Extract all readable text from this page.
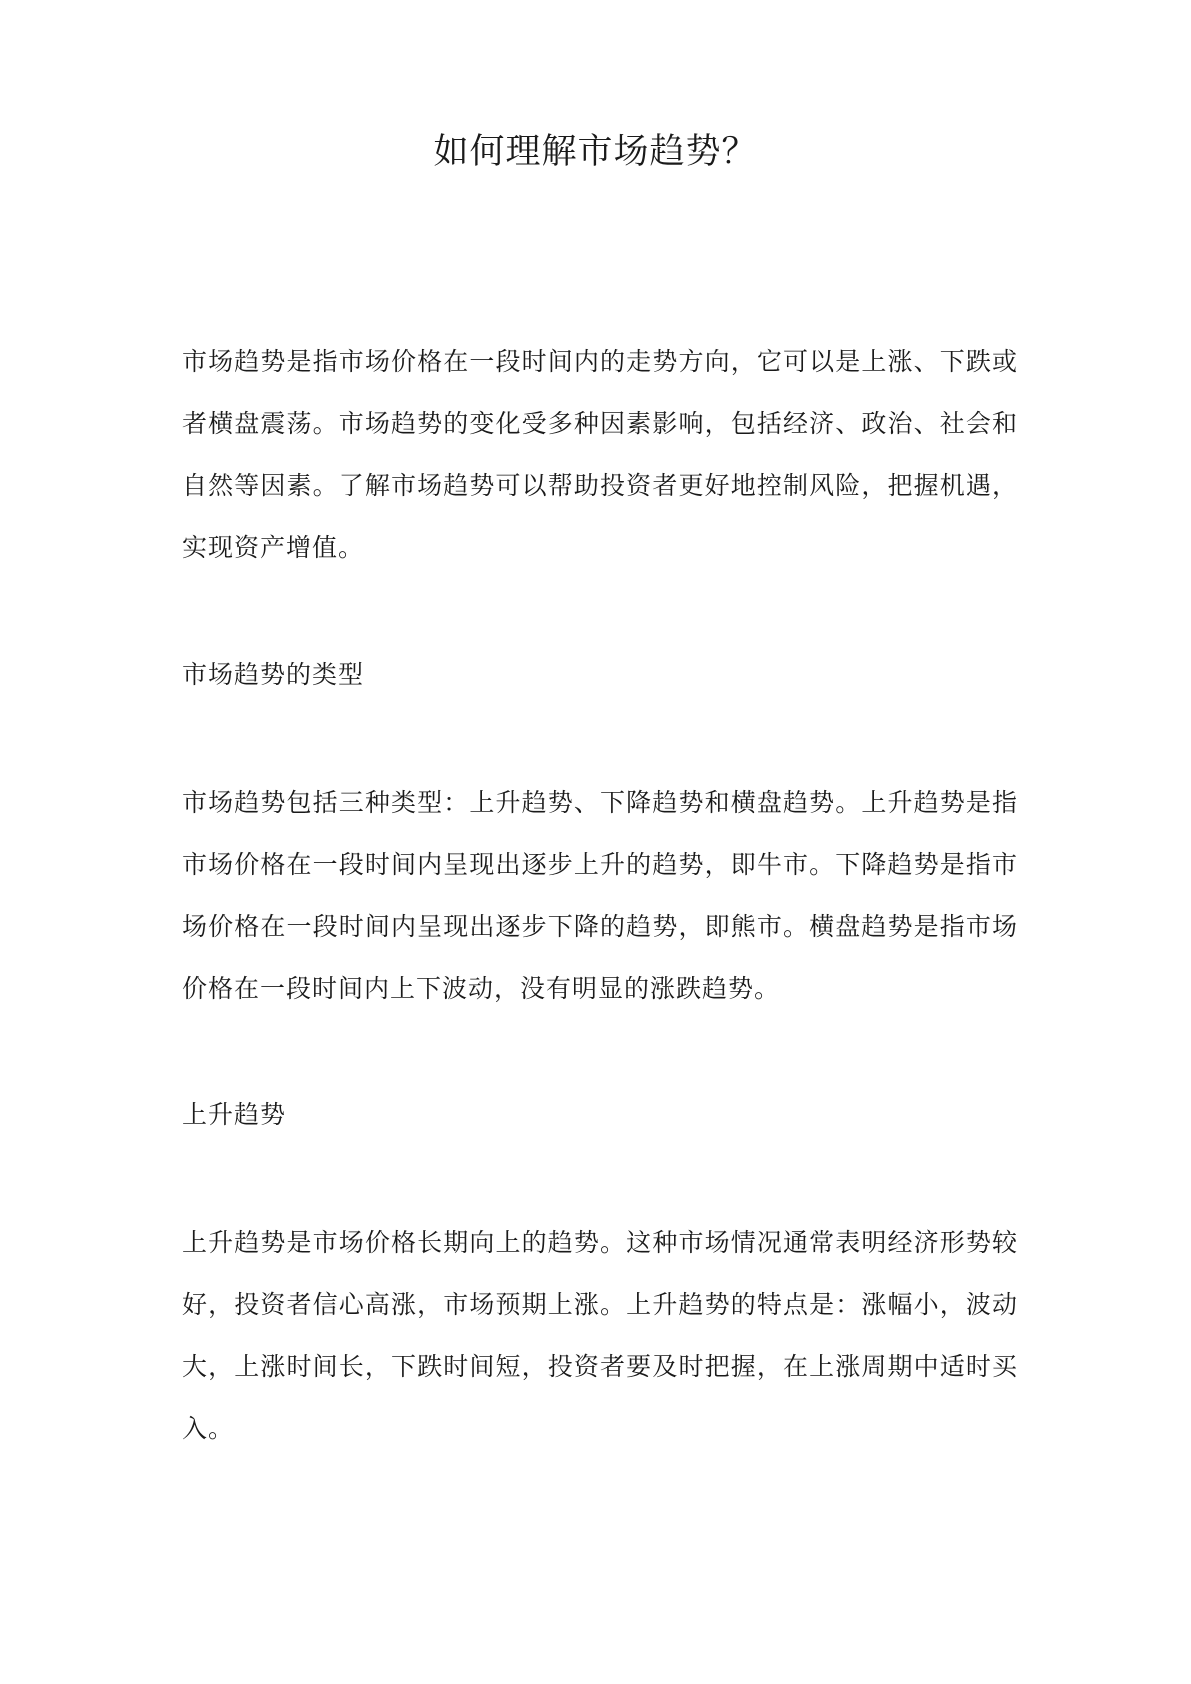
如何理解市场趋势？

市场趋势是指市场价格在一段时间内的走势方向，它可以是上涨、下跌或者横盘震荡。市场趋势的变化受多种因素影响，包括经济、政治、社会和自然等因素。了解市场趋势可以帮助投资者更好地控制风险，把握机遇，实现资产增值。

市场趋势的类型

市场趋势包括三种类型：上升趋势、下降趋势和横盘趋势。上升趋势是指市场价格在一段时间内呈现出逐步上升的趋势，即牛市。下降趋势是指市场价格在一段时间内呈现出逐步下降的趋势，即熊市。横盘趋势是指市场价格在一段时间内上下波动，没有明显的涨跌趋势。

上升趋势

上升趋势是市场价格长期向上的趋势。这种市场情况通常表明经济形势较好，投资者信心高涨，市场预期上涨。上升趋势的特点是：涨幅小，波动大，上涨时间长，下跌时间短，投资者要及时把握，在上涨周期中适时买入。
